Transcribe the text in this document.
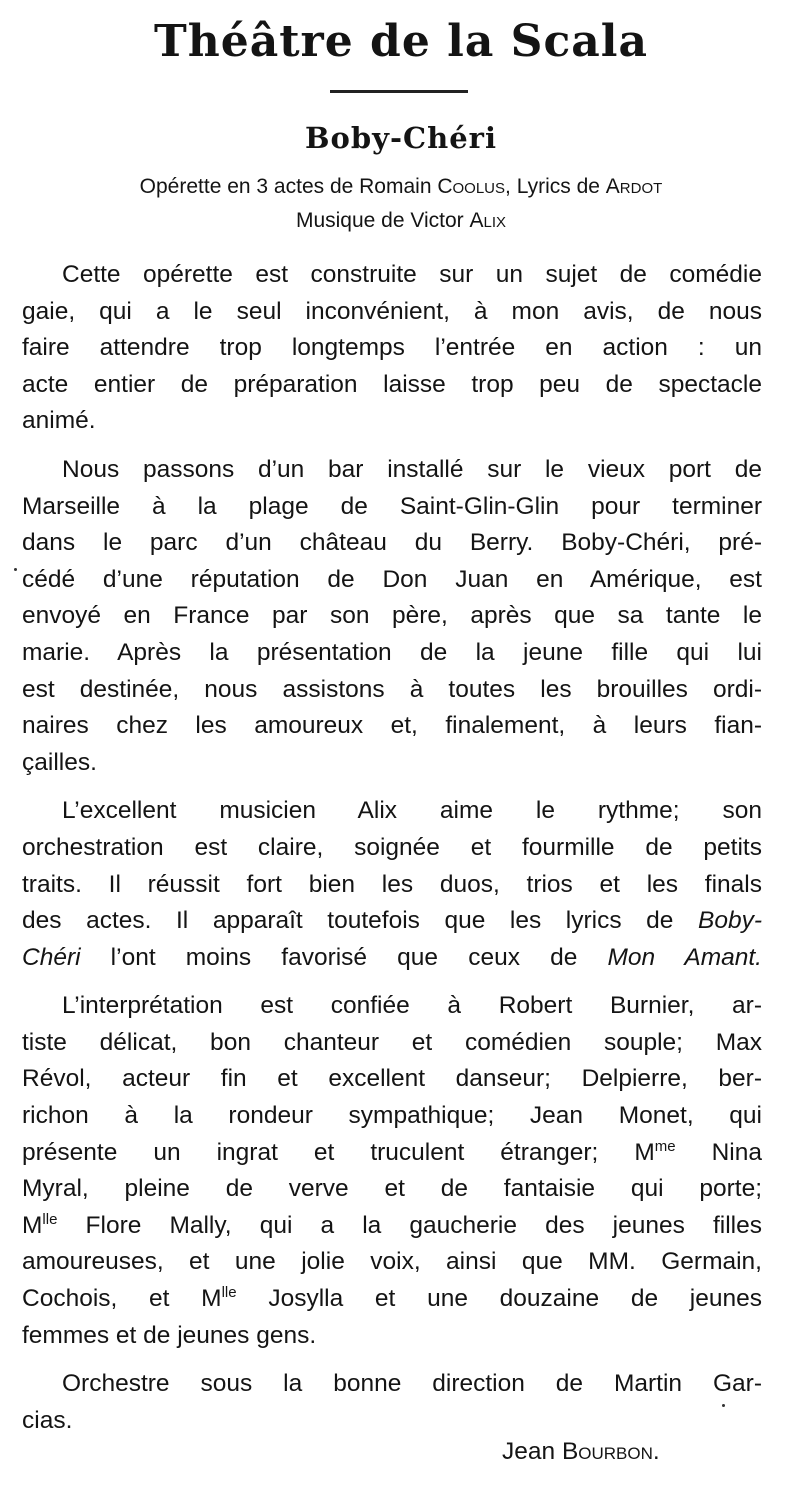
Théâtre de la Scala
Boby-Chéri
Opérette en 3 actes de Romain Coolus, Lyrics de Ardot
Musique de Victor Alix
Cette opérette est construite sur un sujet de comédie
gaie, qui a le seul inconvénient, à mon avis, de nous
faire attendre trop longtemps l’entrée en action : un
acte entier de préparation laisse trop peu de spectacle
animé.
Nous passons d’un bar installé sur le vieux port de
Marseille à la plage de Saint-Glin-Glin pour terminer
dans le parc d’un château du Berry. Boby-Chéri, pré-
cédé d’une réputation de Don Juan en Amérique, est
envoyé en France par son père, après que sa tante le
marie. Après la présentation de la jeune fille qui lui
est destinée, nous assistons à toutes les brouilles ordi-
naires chez les amoureux et, finalement, à leurs fian-
çailles.
L’excellent musicien Alix aime le rythme; son
orchestration est claire, soignée et fourmille de petits
traits. Il réussit fort bien les duos, trios et les finals
des actes. Il apparaît toutefois que les lyrics de Boby-
Chéri l’ont moins favorisé que ceux de Mon Amant.
L’interprétation est confiée à Robert Burnier, ar-
tiste délicat, bon chanteur et comédien souple; Max
Révol, acteur fin et excellent danseur; Delpierre, ber-
richon à la rondeur sympathique; Jean Monet, qui
présente un ingrat et truculent étranger; $M^{me}$ Nina
Myral, pleine de verve et de fantaisie qui porte;
$M^{lle}$ Flore Mally, qui a la gaucherie des jeunes filles
amoureuses, et une jolie voix, ainsi que MM. Germain,
Cochois, et $M^{lle}$ Josylla et une douzaine de jeunes
femmes et de jeunes gens.
Orchestre sous la bonne direction de Martin Gar-
cias.
Jean Bourbon.
